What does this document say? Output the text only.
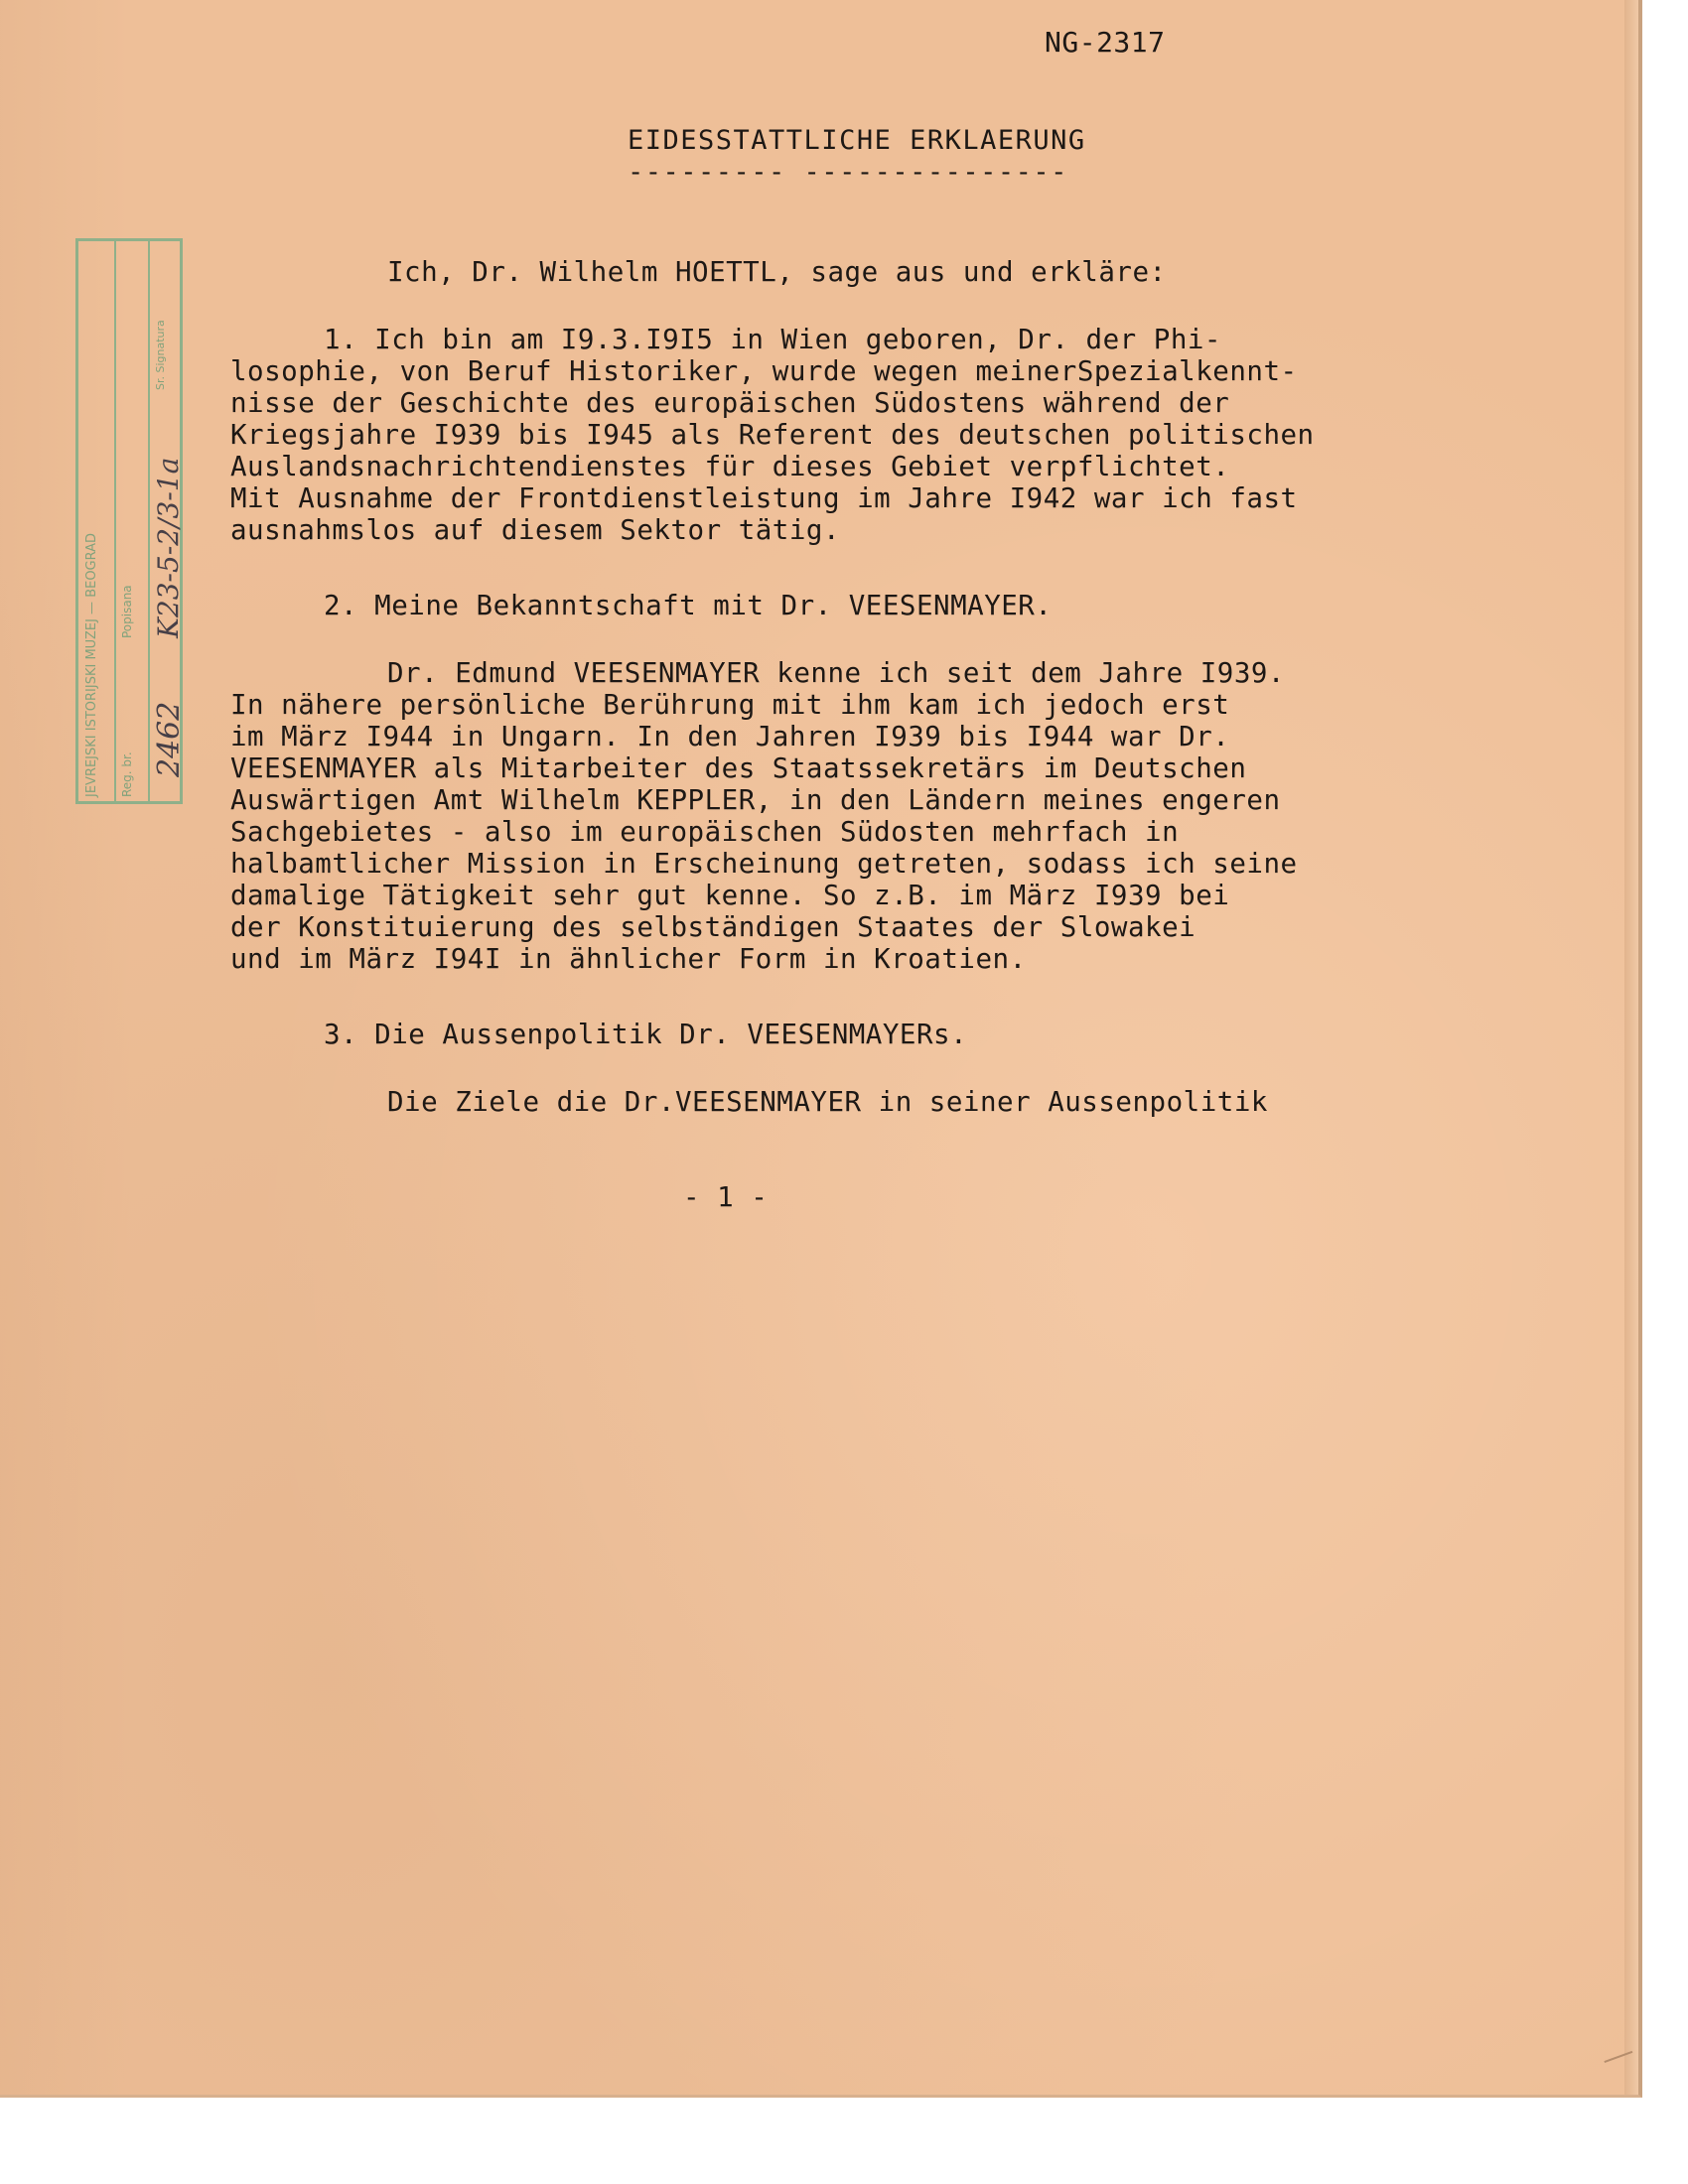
NG-2317
EIDESSTATTLICHE ERKLAERUNG
--------- ---------------
Ich, Dr. Wilhelm HOETTL, sage aus und erkläre:
1. Ich bin am I9.3.I9I5 in Wien geboren, Dr. der Phi-
losophie, von Beruf Historiker, wurde wegen meinerSpezialkennt-
nisse der Geschichte des europäischen Südostens während der
Kriegsjahre I939 bis I945 als Referent des deutschen politischen
Auslandsnachrichtendienstes für dieses Gebiet verpflichtet.
Mit Ausnahme der Frontdienstleistung im Jahre I942 war ich fast
ausnahmslos auf diesem Sektor tätig.
2. Meine Bekanntschaft mit Dr. VEESENMAYER.
Dr. Edmund VEESENMAYER kenne ich seit dem Jahre I939.
In nähere persönliche Berührung mit ihm kam ich jedoch erst
im März I944 in Ungarn. In den Jahren I939 bis I944 war Dr.
VEESENMAYER als Mitarbeiter des Staatssekretärs im Deutschen
Auswärtigen Amt Wilhelm KEPPLER, in den Ländern meines engeren
Sachgebietes - also im europäischen Südosten mehrfach in
halbamtlicher Mission in Erscheinung getreten, sodass ich seine
damalige Tätigkeit sehr gut kenne. So z.B. im März I939 bei
der Konstituierung des selbständigen Staates der Slowakei
und im März I94I in ähnlicher Form in Kroatien.
3. Die Aussenpolitik Dr. VEESENMAYERs.
Die Ziele die Dr.VEESENMAYER in seiner Aussenpolitik
- 1 -
JEVREJSKI ISTORIJSKI MUZEJ — BEOGRAD Reg. br.
Popisana
Sr. Signatura
2462
K23-5-2/3-1a
